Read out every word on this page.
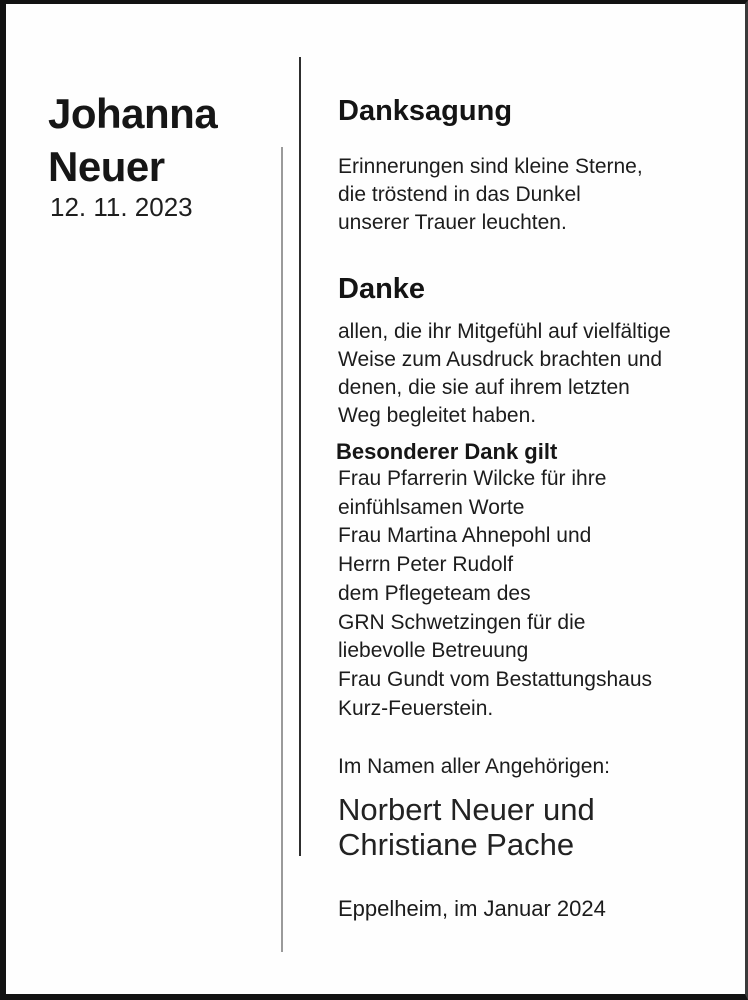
Johanna
Neuer
12. 11. 2023
Danksagung
Erinnerungen sind kleine Sterne,
die tröstend in das Dunkel
unserer Trauer leuchten.
Danke
allen, die ihr Mitgefühl auf vielfältige
Weise zum Ausdruck brachten und
denen, die sie auf ihrem letzten
Weg begleitet haben.
Besonderer Dank gilt
Frau Pfarrerin Wilcke für ihre
einfühlsamen Worte
Frau Martina Ahnepohl und
Herrn Peter Rudolf
dem Pflegeteam des
GRN Schwetzingen für die
liebevolle Betreuung
Frau Gundt vom Bestattungshaus
Kurz-Feuerstein.
Im Namen aller Angehörigen:
Norbert Neuer und
Christiane Pache
Eppelheim, im Januar 2024
